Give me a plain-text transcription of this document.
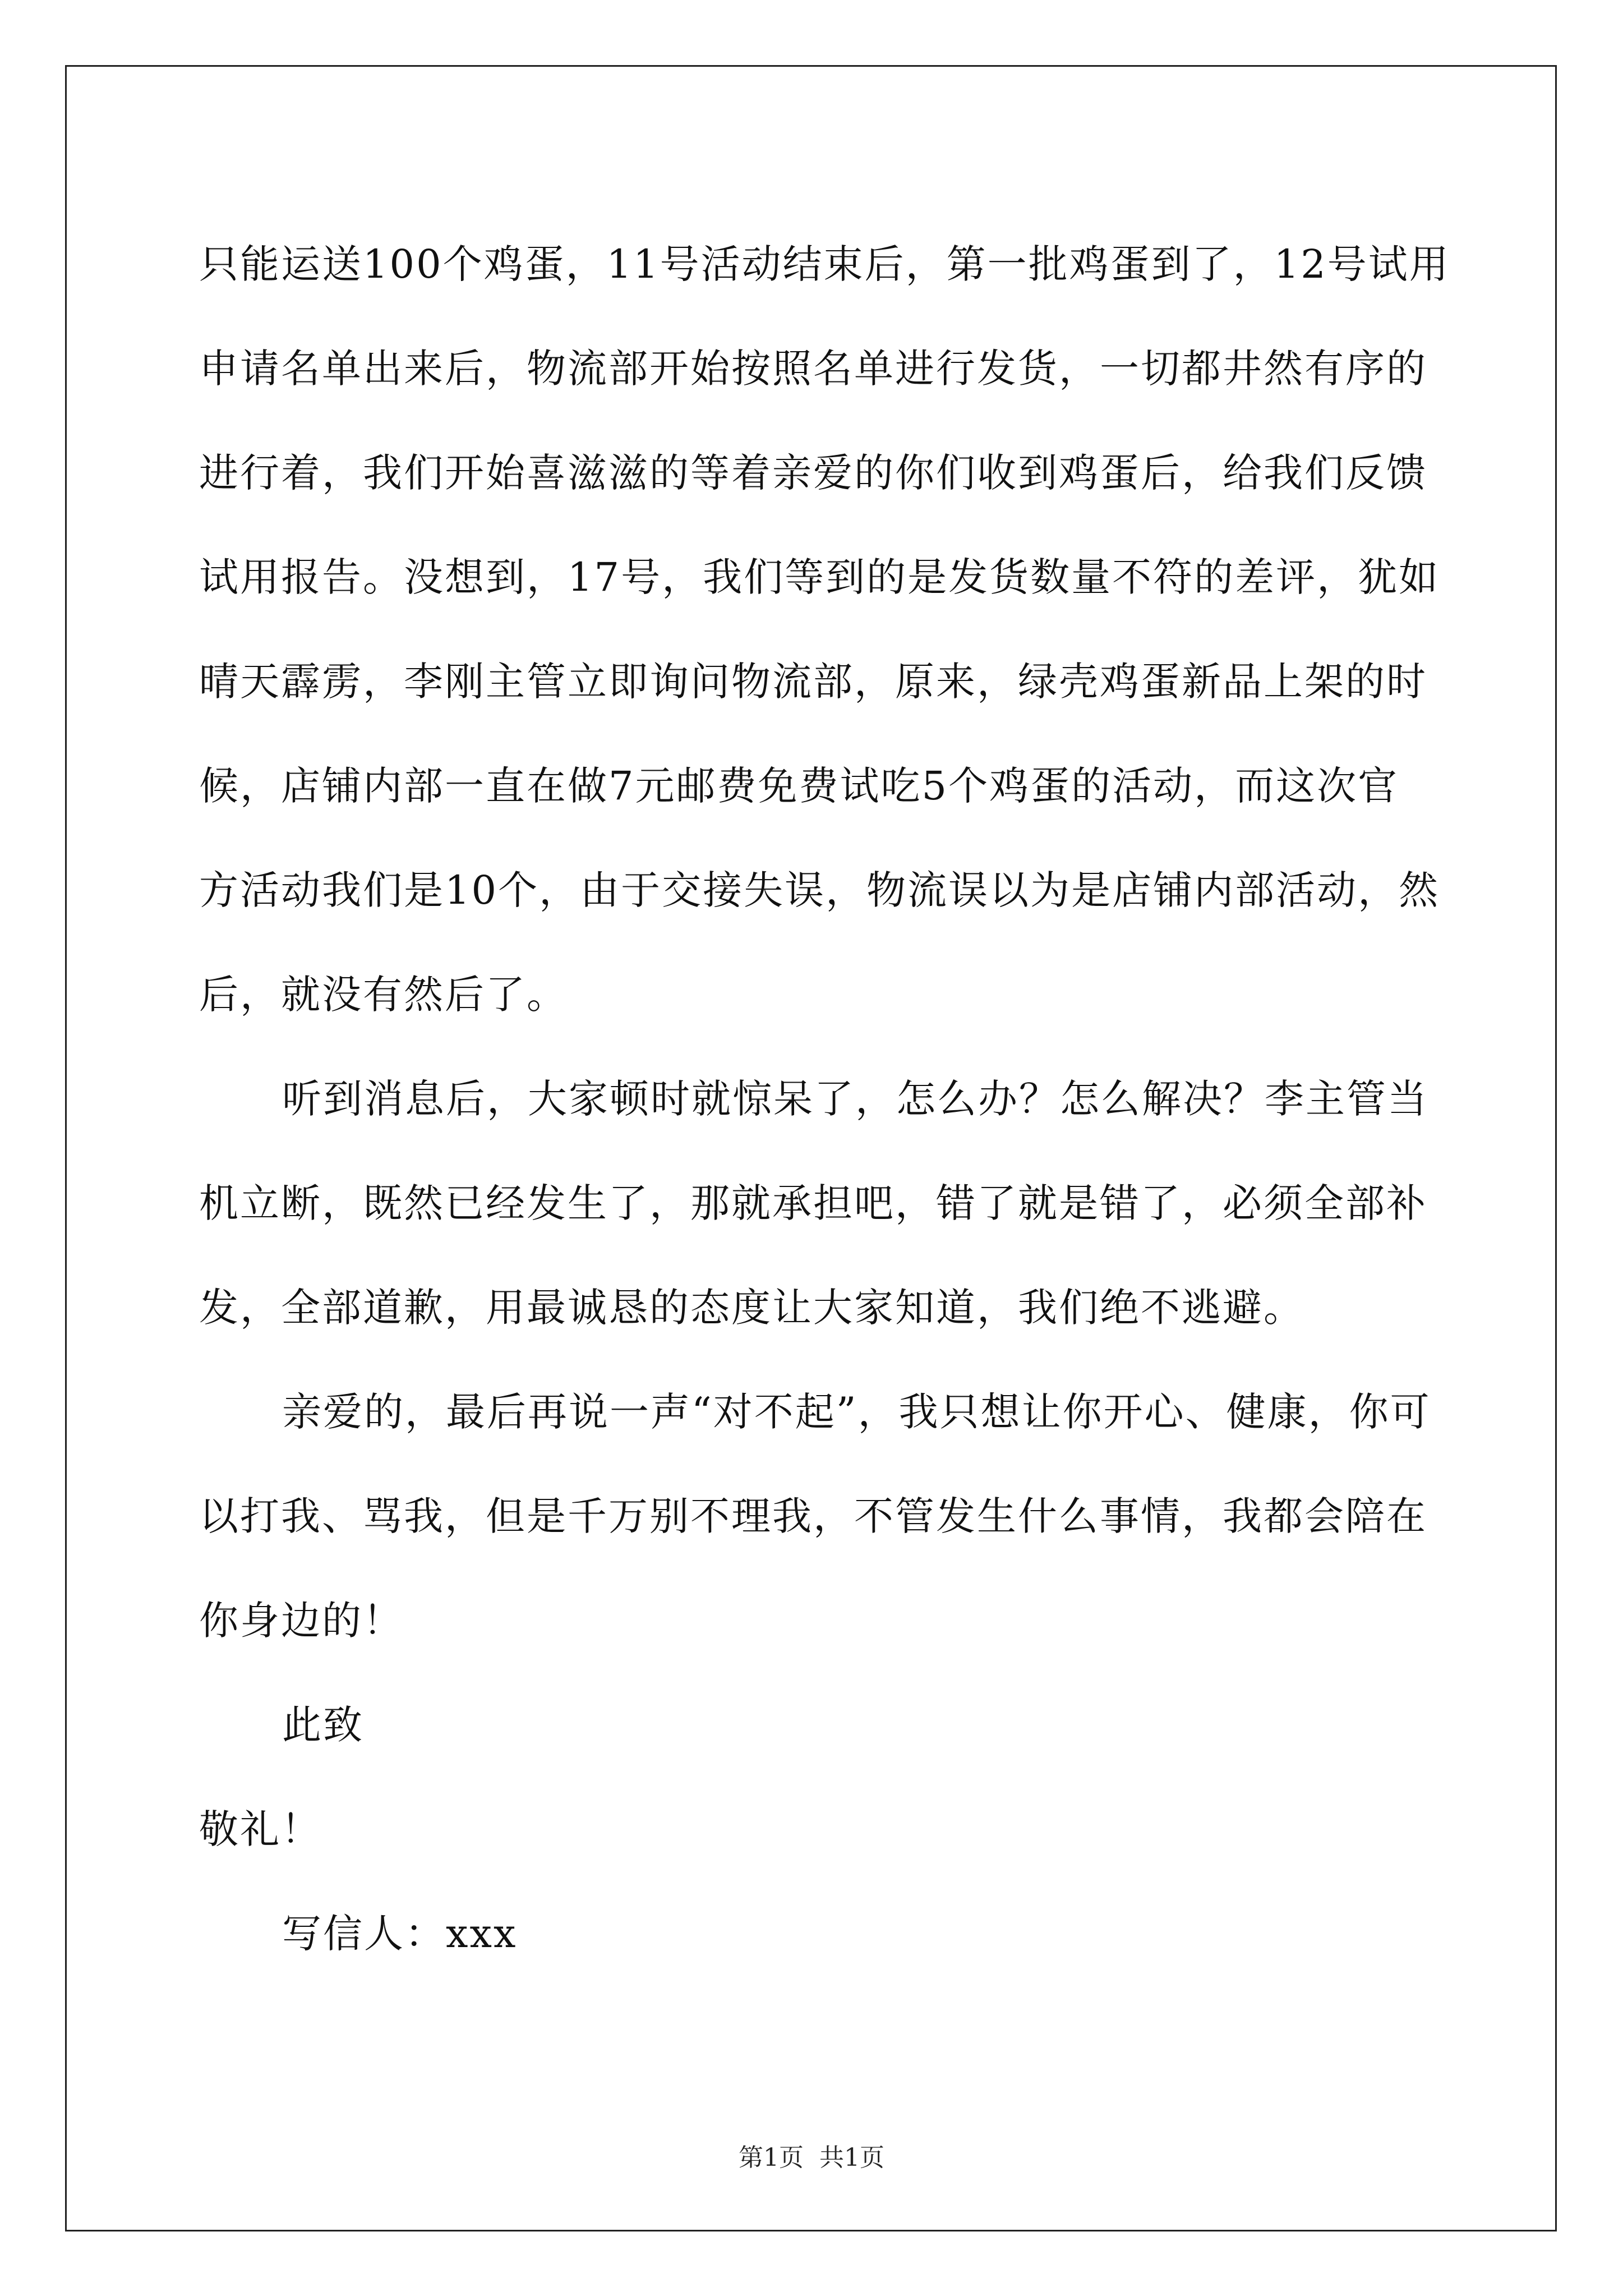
只能运送100个鸡蛋，11号活动结束后，第一批鸡蛋到了，12号试用
申请名单出来后，物流部开始按照名单进行发货，一切都井然有序的
进行着，我们开始喜滋滋的等着亲爱的你们收到鸡蛋后，给我们反馈
试用报告。没想到，17号，我们等到的是发货数量不符的差评，犹如
晴天霹雳，李刚主管立即询问物流部，原来，绿壳鸡蛋新品上架的时
候，店铺内部一直在做7元邮费免费试吃5个鸡蛋的活动，而这次官
方活动我们是10个，由于交接失误，物流误以为是店铺内部活动，然
后，就没有然后了。
听到消息后，大家顿时就惊呆了，怎么办？怎么解决？李主管当
机立断，既然已经发生了，那就承担吧，错了就是错了，必须全部补
发，全部道歉，用最诚恳的态度让大家知道，我们绝不逃避。
亲爱的，最后再说一声“对不起”，我只想让你开心、健康，你可
以打我、骂我，但是千万别不理我，不管发生什么事情，我都会陪在
你身边的！
此致
敬礼！
写信人：xxx
第1页 共1页
